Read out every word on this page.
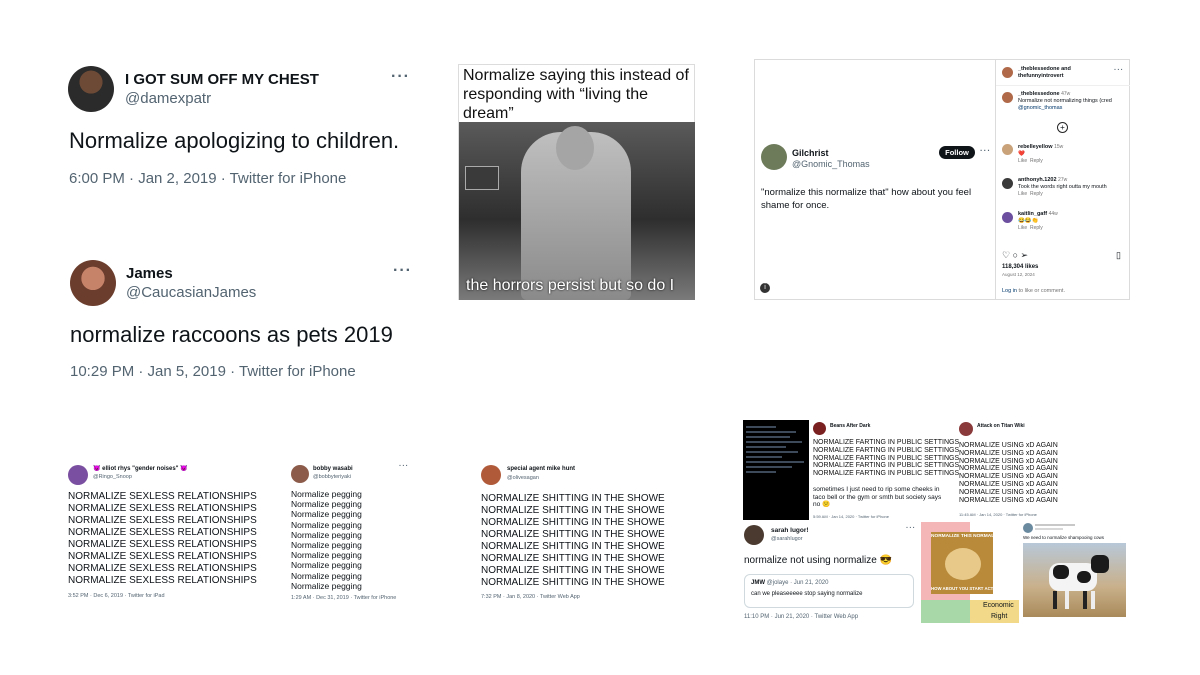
I GOT SUM OFF MY CHEST
@damexpatr
···
Normalize apologizing to children.
6:00 PM · Jan 2, 2019 · Twitter for iPhone
James
@CaucasianJames
···
normalize raccoons as pets 2019
10:29 PM · Jan 5, 2019 · Twitter for iPhone
Normalize saying this instead of responding with “living the dream”
the horrors persist but so do I
Gilchrist
@Gnomic_Thomas
Follow	···
"normalize this normalize that" how about you feel shame for once.
i
_theblessedone and
thefunnyintrovert
···
_theblessedone 47w
Normalize not normalizing things (cred
@gnomic_thomas
+
rebelleyellow 15w
❤️
Like Reply
anthonyh.1202 27w
Took the words right outta my mouth
Like Reply
kaitlin_gaff 44w
😂😂👏
Like Reply
♡ ○ ➢	▯
118,304 likes
August 12, 2024
Log in to like or comment.
😈 elliot rhys "gender noises" 😈
@Ringo_Snoop
NORMALIZE SEXLESS RELATIONSHIPS
NORMALIZE SEXLESS RELATIONSHIPS
NORMALIZE SEXLESS RELATIONSHIPS
NORMALIZE SEXLESS RELATIONSHIPS
NORMALIZE SEXLESS RELATIONSHIPS
NORMALIZE SEXLESS RELATIONSHIPS
NORMALIZE SEXLESS RELATIONSHIPS
NORMALIZE SEXLESS RELATIONSHIPS
3:52 PM · Dec 6, 2019 · Twitter for iPad
bobby wasabi
@bobbyteriyaki
···
Normalize pegging
Normalize pegging
Normalize pegging
Normalize pegging
Normalize pegging
Normalize pegging
Normalize pegging
Normalize pegging
Normalize pegging
Normalize pegging
1:29 AM · Dec 31, 2019 · Twitter for iPhone
special agent mike hunt
@olivesagan
NORMALIZE SHITTING IN THE SHOWE
NORMALIZE SHITTING IN THE SHOWE
NORMALIZE SHITTING IN THE SHOWE
NORMALIZE SHITTING IN THE SHOWE
NORMALIZE SHITTING IN THE SHOWE
NORMALIZE SHITTING IN THE SHOWE
NORMALIZE SHITTING IN THE SHOWE
NORMALIZE SHITTING IN THE SHOWE
7:32 PM · Jan 8, 2020 · Twitter Web App
Beans After Dark
NORMALIZE FARTING IN PUBLIC SETTINGS
NORMALIZE FARTING IN PUBLIC SETTINGS
NORMALIZE FARTING IN PUBLIC SETTINGS
NORMALIZE FARTING IN PUBLIC SETTINGS
NORMALIZE FARTING IN PUBLIC SETTINGS
sometimes I just need to rip some cheeks in taco bell or the gym or smth but society says no 😕
5:59 AM · Jan 14, 2020 · Twitter for iPhone
Attack on Titan Wiki
NORMALIZE USING xD AGAIN
NORMALIZE USING xD AGAIN
NORMALIZE USING xD AGAIN
NORMALIZE USING xD AGAIN
NORMALIZE USING xD AGAIN
NORMALIZE USING xD AGAIN
NORMALIZE USING xD AGAIN
NORMALIZE USING xD AGAIN
11:45 AM · Jan 14, 2020 · Twitter for iPhone
sarah lugor!
@sarahlugor
···
normalize not using normalize 😎
JMW @jolaye · Jun 21, 2020
can we pleaseeeee stop saying normalize
11:10 PM · Jun 21, 2020 · Twitter Web App
NORMALIZE THIS NORMALIZE THAT
HOW ABOUT YOU START ACTING NORMAL
Economic
Right
We need to normalize shampooing cows
